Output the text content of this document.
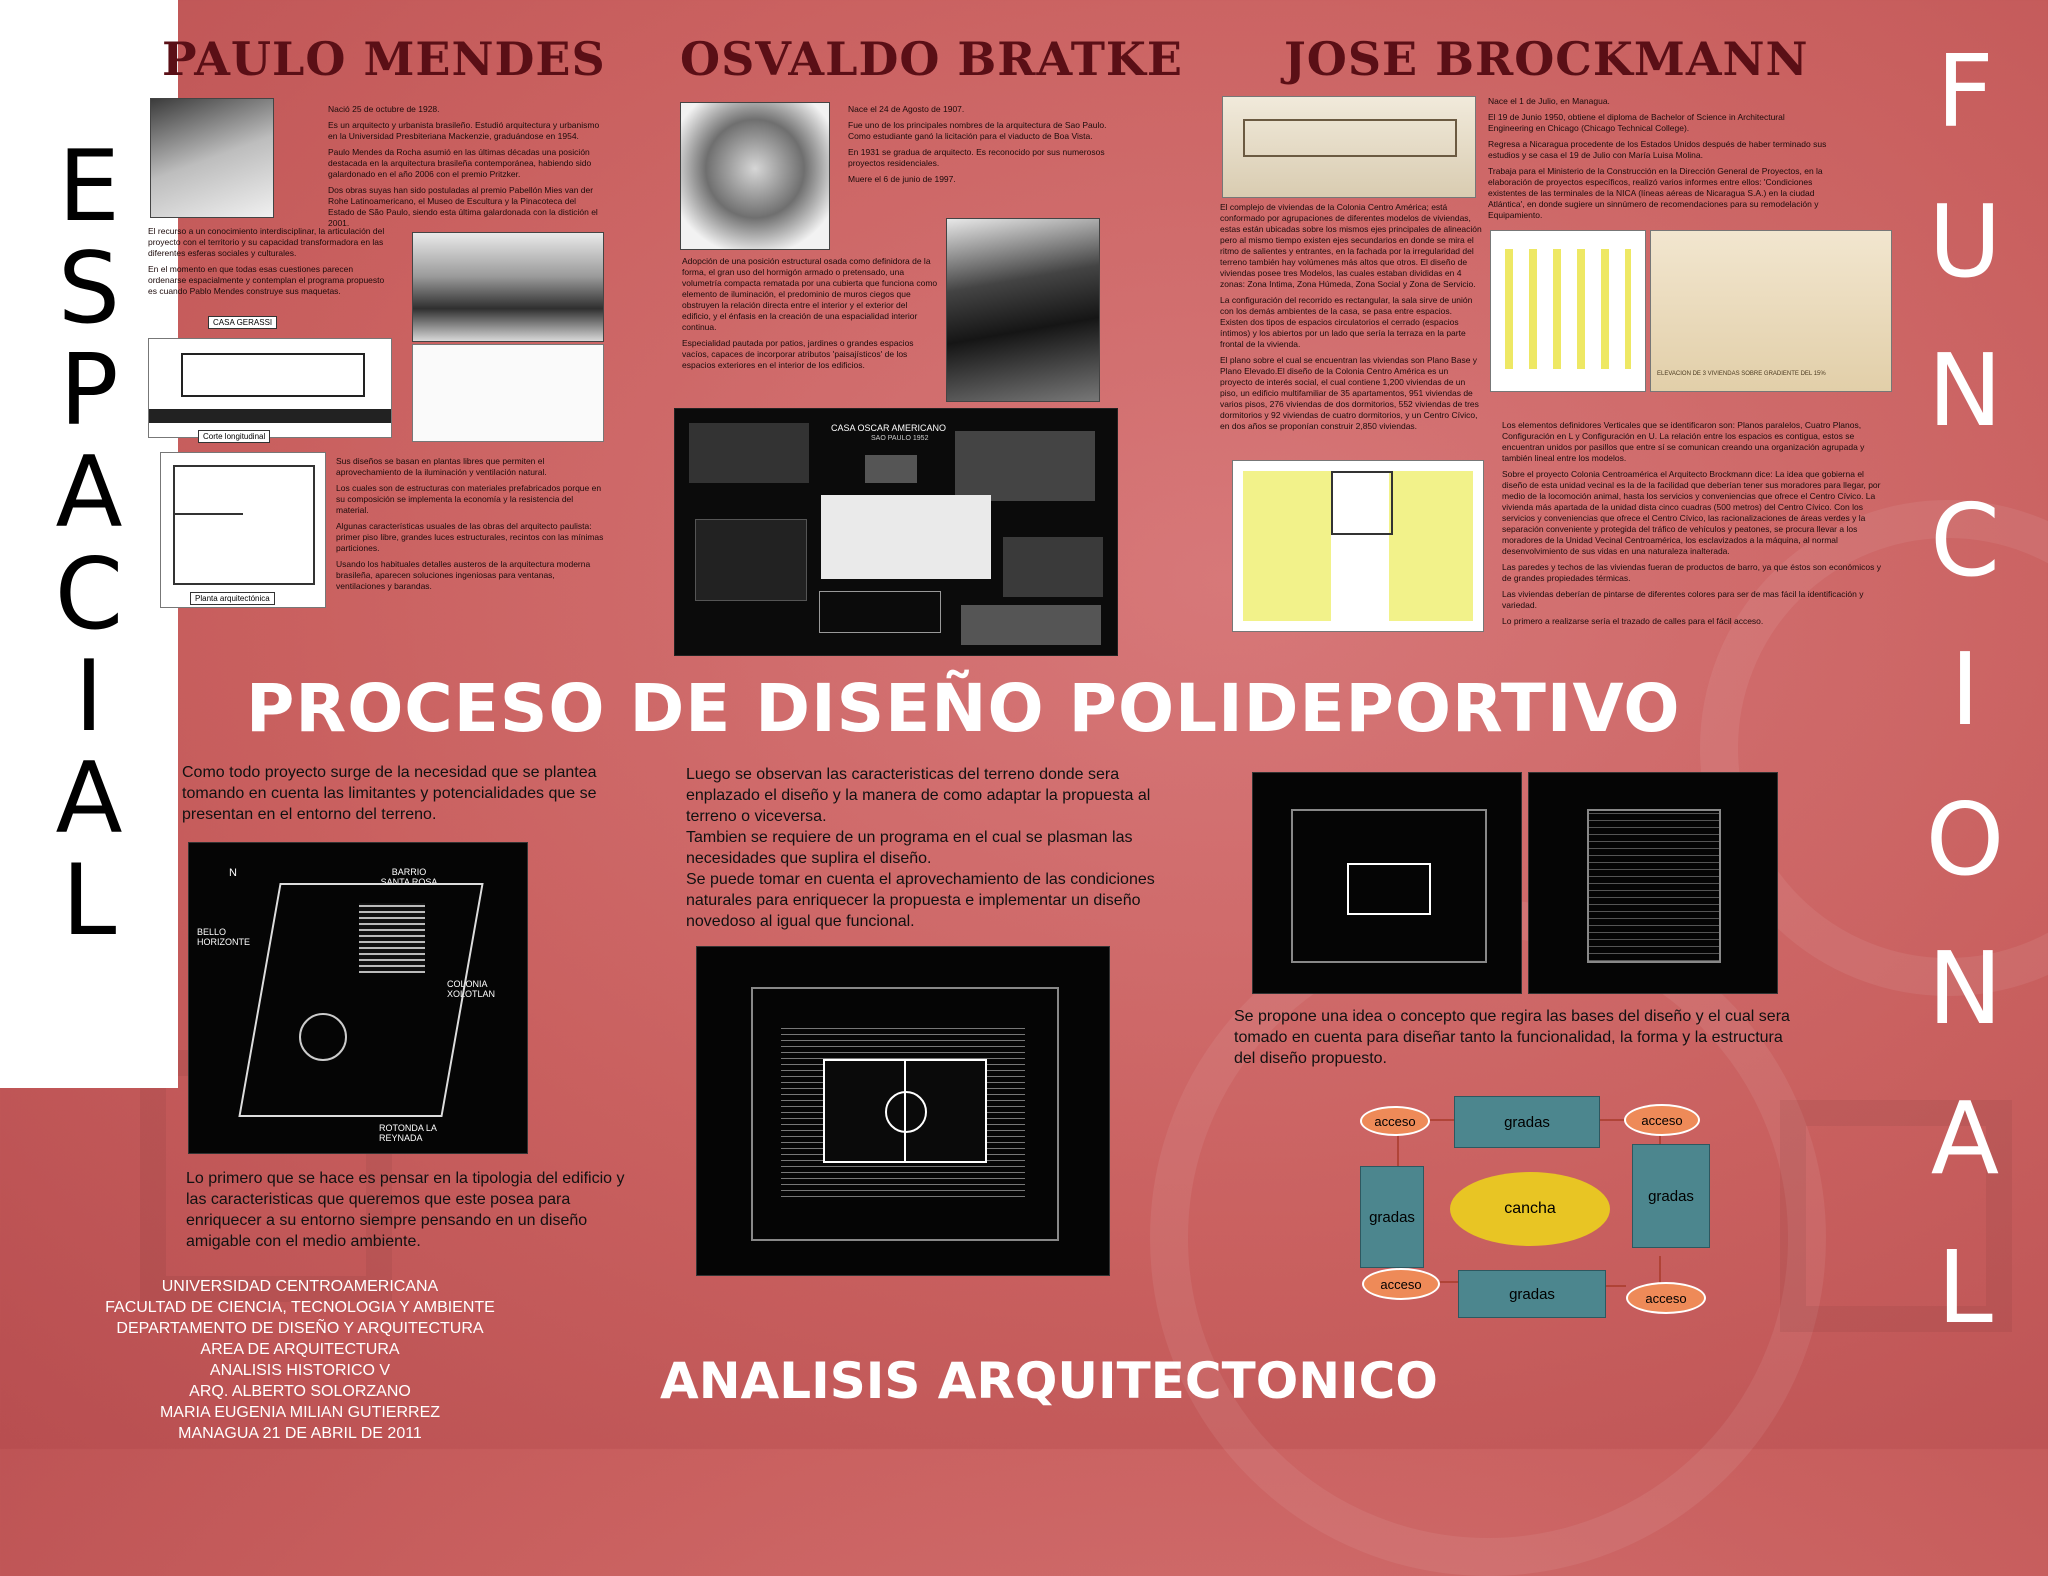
E
S
P
A
C
I
A
L
F
U
N
C
I
O
N
A
L
PAULO MENDES

Nació 25 de octubre de 1928.

Es un arquitecto y urbanista brasileño. Estudió arquitectura y urbanismo en la Universidad Presbiteriana Mackenzie, graduándose en 1954.

Paulo Mendes da Rocha asumió en las últimas décadas una posición destacada en la arquitectura brasileña contemporánea, habiendo sido galardonado en el año 2006 con el premio Pritzker.

Dos obras suyas han sido postuladas al premio Pabellón Mies van der Rohe Latinoamericano, el Museo de Escultura y la Pinacoteca del Estado de São Paulo, siendo esta última galardonada con la distición el 2001.

El recurso a un conocimiento interdisciplinar, la articulación del proyecto con el territorio y su capacidad transformadora en las diferentes esferas sociales y culturales.

En el momento en que todas esas cuestiones parecen ordenarse espacialmente y contemplan el programa propuesto es cuando Pablo Mendes construye sus maquetas.

CASA GERASSI
Corte longitudinal
Planta arquitectónica

Sus diseños se basan en plantas libres que permiten el aprovechamiento de la iluminación y ventilación natural.

Los cuales son de estructuras con materiales prefabricados porque en su composición se implementa la economía y la resistencia del material.

Algunas características usuales de las obras del arquitecto paulista: primer piso libre, grandes luces estructurales, recintos con las mínimas particiones.

Usando los habituales detalles austeros de la arquitectura moderna brasileña, aparecen soluciones ingeniosas para ventanas, ventilaciones y barandas.

OSVALDO BRATKE

Nace el 24 de Agosto de 1907.

Fue uno de los principales nombres de la arquitectura de Sao Paulo. Como estudiante ganó la licitación para el viaducto de Boa Vista.

En 1931 se gradua de arquitecto. Es reconocido por sus numerosos proyectos residenciales.

Muere el 6 de junio de 1997.

Adopción de una posición estructural osada como definidora de la forma, el gran uso del hormigón armado o pretensado, una volumetría compacta rematada por una cubierta que funciona como elemento de iluminación, el predominio de muros ciegos que obstruyen la relación directa entre el interior y el exterior del edificio, y el énfasis en la creación de una espacialidad interior continua.

Especialidad pautada por patios, jardines o grandes espacios vacíos, capaces de incorporar atributos 'paisajísticos' de los espacios exteriores en el interior de los edificios.

CASA OSCAR AMERICANO
SAO PAULO 1952
JOSE BROCKMANN

Nace el 1 de Julio, en Managua.

El 19 de Junio 1950, obtiene el diploma de Bachelor of Science in Architectural Engineering en Chicago (Chicago Technical College).

Regresa a Nicaragua procedente de los Estados Unidos después de haber terminado sus estudios y se casa el 19 de Julio con María Luisa Molina.

Trabaja para el Ministerio de la Construcción en la Dirección General de Proyectos, en la elaboración de proyectos específicos, realizó varios informes entre ellos: 'Condiciones existentes de las terminales de la NICA (líneas aéreas de Nicaragua S.A.) en la ciudad Atlántica', en donde sugiere un sinnúmero de recomendaciones para su remodelación y Equipamiento.

El complejo de viviendas de la Colonia Centro América; está conformado por agrupaciones de diferentes modelos de viviendas, estas están ubicadas sobre los mismos ejes principales de alineación pero al mismo tiempo existen ejes secundarios en donde se mira el ritmo de salientes y entrantes, en la fachada por la irregularidad del terreno también hay volúmenes más altos que otros. El diseño de viviendas posee tres Modelos, las cuales estaban divididas en 4 zonas: Zona Intima, Zona Húmeda, Zona Social y Zona de Servicio.

La configuración del recorrido es rectangular, la sala sirve de unión con los demás ambientes de la casa, se pasa entre espacios. Existen dos tipos de espacios circulatorios el cerrado (espacios íntimos) y los abiertos por un lado que sería la terraza en la parte frontal de la vivienda.

El plano sobre el cual se encuentran las viviendas son Plano Base y Plano Elevado.El diseño de la Colonia Centro América es un proyecto de interés social, el cual contiene 1,200 viviendas de un piso, un edificio multifamiliar de 35 apartamentos, 951 viviendas de varios pisos, 276 viviendas de dos dormitorios, 552 viviendas de tres dormitorios y 92 viviendas de cuatro dormitorios, y un Centro Cívico, en dos años se proponían construir 2,850 viviendas.

ELEVACION DE 3 VIVIENDAS SOBRE GRADIENTE DEL 15%

Los elementos definidores Verticales que se identificaron son: Planos paralelos, Cuatro Planos, Configuración en L y Configuración en U. La relación entre los espacios es contigua, estos se encuentran unidos por pasillos que entre sí se comunican creando una organización agrupada y también lineal entre los modelos.

Sobre el proyecto Colonia Centroamérica el Arquitecto Brockmann dice: La idea que gobierna el diseño de esta unidad vecinal es la de la facilidad que deberían tener sus moradores para llegar, por medio de la locomoción animal, hasta los servicios y conveniencias que ofrece el Centro Cívico. La vivienda más apartada de la unidad dista cinco cuadras (500 metros) del Centro Cívico. Con los servicios y conveniencias que ofrece el Centro Cívico, las racionalizaciones de áreas verdes y la separación conveniente y protegida del tráfico de vehículos y peatones, se procura llevar a los moradores de la Unidad Vecinal Centroamérica, los esclavizados a la máquina, al normal desenvolvimiento de sus vidas en una naturaleza inalterada.

Las paredes y techos de las viviendas fueran de productos de barro, ya que éstos son económicos y de grandes propiedades térmicas.

Las viviendas deberían de pintarse de diferentes colores para ser de mas fácil la identificación y variedad.

Lo primero a realizarse sería el trazado de calles para el fácil acceso.

PROCESO DE DISEÑO POLIDEPORTIVO
Como todo proyecto surge de la necesidad que se plantea tomando en cuenta las limitantes y potencialidades que se presentan en el entorno del terreno.
N	BARRIO SANTA ROSA
BELLO HORIZONTE
COLONIA XOLOTLAN
ROTONDA LA REYNADA
Lo primero que se hace es pensar en la tipologia del edificio y las caracteristicas que queremos que este posea para enriquecer a su entorno siempre pensando en un diseño amigable con el medio ambiente.
Luego se observan las caracteristicas del terreno donde sera enplazado el diseño y la manera de como adaptar la propuesta al terreno o viceversa.
Tambien se requiere de un programa en el cual se plasman las necesidades que suplira el diseño.
Se puede tomar en cuenta el aprovechamiento de las condiciones naturales para enriquecer la propuesta e implementar un diseño novedoso al igual que funcional.
Se propone una idea o concepto que regira las bases del diseño y el cual sera tomado en cuenta para diseñar tanto la funcionalidad, la forma y la estructura del diseño propuesto.
acceso	gradas	acceso
gradas	cancha
gradas
acceso
gradas	acceso
UNIVERSIDAD CENTROAMERICANA
FACULTAD DE CIENCIA, TECNOLOGIA Y AMBIENTE
DEPARTAMENTO DE DISEÑO Y ARQUITECTURA
AREA DE ARQUITECTURA
ANALISIS HISTORICO V
ARQ. ALBERTO SOLORZANO
MARIA EUGENIA MILIAN GUTIERREZ
MANAGUA 21 DE ABRIL DE 2011
ANALISIS ARQUITECTONICO
